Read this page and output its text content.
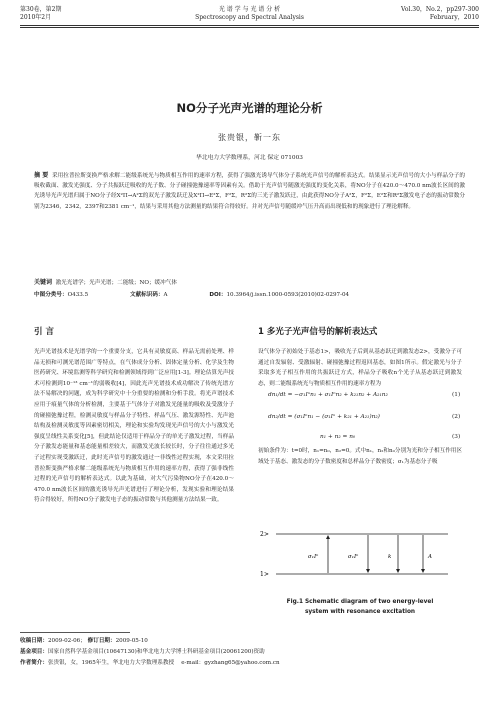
第30卷，第2期
2010年2月
光 谱 学 与 光 谱 分 析
Spectroscopy and Spectral Analysis
Vol.30，No.2，pp297-300
February，2010
NO分子光声光谱的理论分析
张贵银，靳一东
华北电力大学数理系，河北 保定 071003
摘 要 采用拉普拉斯变换严格求解二能级系统光与物质相互作用的速率方程，获得了强激光诱导气体分子系统光声信号的解析表达式。结果显示光声信号的大小与样品分子的吸收截面、激发光强度、分子共振跃迁吸收的光子数、分子碰撞弛豫速率等因素有关。借助于光声信号随激光强度的变化关系，将NO分子在420.0～470.0 nm波长区间的激光诱导光声光谱归属于NO分子经X²Π→A²Σ的双光子激发跃迁及X²Π→E²Σ，F²Σ，R²Σ的三光子激发跃迁，由此获得NO分子A²Σ，F²Σ，E²Σ和R²Σ激发电子态的振动常数分别为2346，2342，2397和2381 cm⁻¹，结果与采用其他方法测量的结果符合得较好。并对光声信号随缓冲气压升高而出现低和的现象进行了理论解释。
关键词 激光光谱学；光声光谱；二能级；NO；缓冲气体
中图分类号：O433.5	文献标识码：A	DOI：10.3964/j.issn.1000-0593(2010)02-0297-04
引 言
光声光谱技术是光谱学的一个重要分支，它具有灵敏度高、样品无需前处理、样品无损和可测光谱范围广等特点，在气体成分分析、固体定量分析、化学及生物医药研究、环境监测等科学研究和检测领域得到广泛应用[1-3]。理论估算光声技术可检测到10⁻¹³ cm⁻¹的弱吸收[4]，因此光声光谱技术成功解决了传统光谱方法不易解决的问题，成为科学研究中十分重要的检测和分析手段。将光声谱技术应用于痕量气体的分析检测，主要基于气体分子对激发光能量的吸收及受激分子的碰撞弛豫过程，检测灵敏度与样品分子特性、样品气压、激发源特性、光声池结构及检测灵敏度等因素密切相关，理论和实验均发现光声信号的大小与激发光强度呈线性关系变化[5]，但此结论仅适用于样品分子的单光子激发过程，当样品分子激发态能量和基态能量相差较大，而激发光波长较长时，分子往往通过多光子过程实现受激跃迁，此时光声信号的激发通过一非线性过程实现，本文采用拉普拉斯变换严格求解二能级系统光与物质相互作用的速率方程，获得了强非线性过程的光声信号的解析表达式。以此为基础，对大气污染物NO分子在420.0～470.0 nm波长区间的激光诱导光声光谱进行了理论分析，发现实验和理论结果符合得较好，所得NO分子激发电子态的振动常数与其他测量方法结果一致。
1 多光子光声信号的解析表达式
设气体分子初始处于基态1>，吸收光子后到从基态跃迁到激发态2>，受激分子可通过自发辐射、受激辐射、碰撞弛豫过程返回基态，如图1所示。假定激光与分子采取多光子相互作用的共振跃迁方式，样品分子吸收n个光子从基态跃迁到激发态，则二能级系统光与物质相互作用的速率方程为
dn₁/dt = −σ₁Iⁿn₁ + σ₁Iⁿn₂ + k₂₁n₂ + A₂₁n₂	(1)
dn₂/dt = (σ₁Iⁿn₁ − (σ₁Iⁿ + k₂₁ + A₂₁)n₂)	(2)
n₁ + n₂ = n₀	(3)
初始条件为：t=0时，n₁=n₀，n₂=0。式中n₁，n₂和n₀分别为光和分子相互作用区域处于基态、激发态的分子数密度和总样品分子数密度；σ₁为基态分子吸
2>
1>
σ₁Iⁿ	σ₁Iⁿ	k	A
Fig.1 Schematic diagram of two energy-level
system with resonance excitation
收稿日期：2009-02-06； 修订日期：2009-05-10
基金项目：国家自然科学基金项目(10647130)和华北电力大学博士科研基金项目(20061200)资助
作者简介：张贵银，女，1965年生，华北电力大学数理系教授 e-mail：gyzhang65@yahoo.com.cn
